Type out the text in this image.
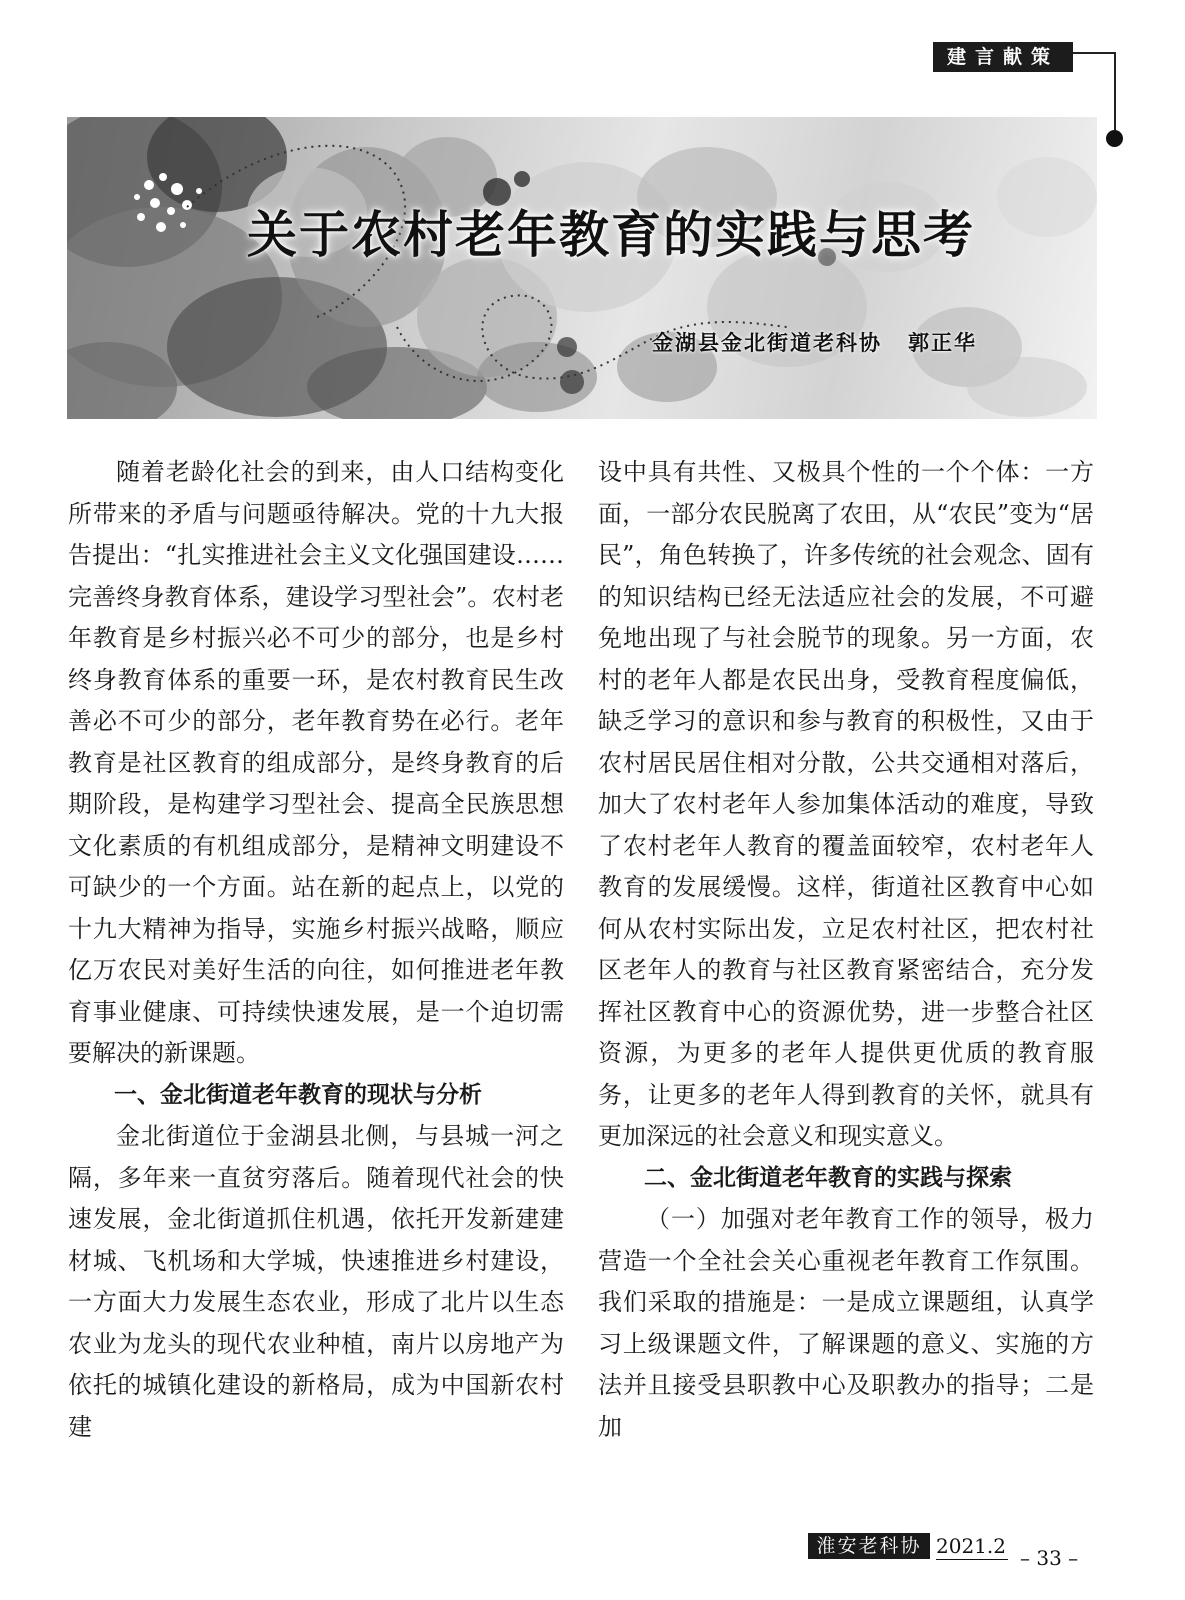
建言献策
关于农村老年教育的实践与思考
金湖县金北街道老科协 郭正华

随着老龄化社会的到来，由人口结构变化所带来的矛盾与问题亟待解决。党的十九大报告提出：“扎实推进社会主义文化强国建设……完善终身教育体系，建设学习型社会”。农村老年教育是乡村振兴必不可少的部分，也是乡村终身教育体系的重要一环，是农村教育民生改善必不可少的部分，老年教育势在必行。老年教育是社区教育的组成部分，是终身教育的后期阶段，是构建学习型社会、提高全民族思想文化素质的有机组成部分，是精神文明建设不可缺少的一个方面。站在新的起点上，以党的十九大精神为指导，实施乡村振兴战略，顺应亿万农民对美好生活的向往，如何推进老年教育事业健康、可持续快速发展，是一个迫切需要解决的新课题。

一、金北街道老年教育的现状与分析

金北街道位于金湖县北侧，与县城一河之隔，多年来一直贫穷落后。随着现代社会的快速发展，金北街道抓住机遇，依托开发新建建材城、飞机场和大学城，快速推进乡村建设，一方面大力发展生态农业，形成了北片以生态农业为龙头的现代农业种植，南片以房地产为依托的城镇化建设的新格局，成为中国新农村建

设中具有共性、又极具个性的一个个体：一方面，一部分农民脱离了农田，从“农民”变为“居民”，角色转换了，许多传统的社会观念、固有的知识结构已经无法适应社会的发展，不可避免地出现了与社会脱节的现象。另一方面，农村的老年人都是农民出身，受教育程度偏低，缺乏学习的意识和参与教育的积极性，又由于农村居民居住相对分散，公共交通相对落后，加大了农村老年人参加集体活动的难度，导致了农村老年人教育的覆盖面较窄，农村老年人教育的发展缓慢。这样，街道社区教育中心如何从农村实际出发，立足农村社区，把农村社区老年人的教育与社区教育紧密结合，充分发挥社区教育中心的资源优势，进一步整合社区资源，为更多的老年人提供更优质的教育服务，让更多的老年人得到教育的关怀，就具有更加深远的社会意义和现实意义。

二、金北街道老年教育的实践与探索

（一）加强对老年教育工作的领导，极力营造一个全社会关心重视老年教育工作氛围。我们采取的措施是：一是成立课题组，认真学习上级课题文件，了解课题的意义、实施的方法并且接受县职教中心及职教办的指导；二是加

淮安老科协 2021.2 – 33 –
